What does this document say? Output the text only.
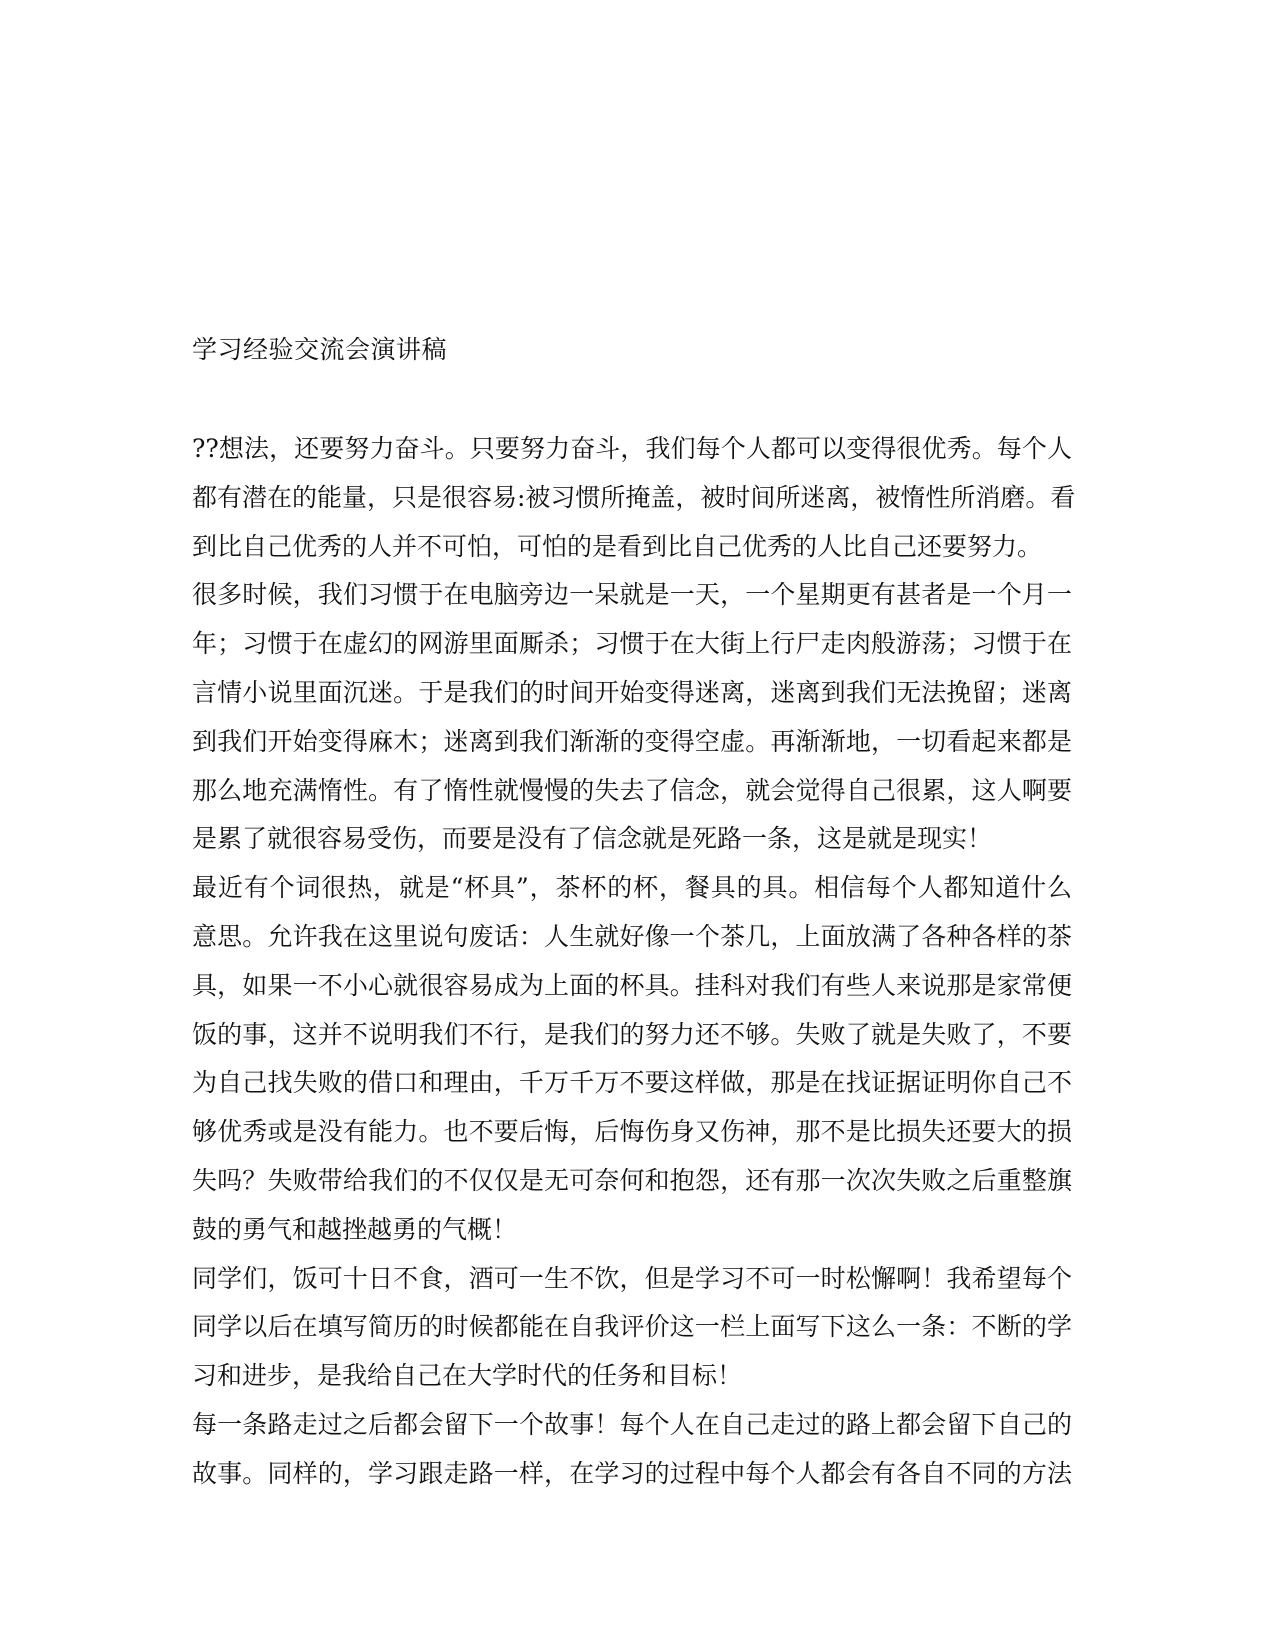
学习经验交流会演讲稿
??想法，还要努力奋斗。只要努力奋斗，我们每个人都可以变得很优秀。每个人
都有潜在的能量，只是很容易:被习惯所掩盖，被时间所迷离，被惰性所消磨。看
到比自己优秀的人并不可怕，可怕的是看到比自己优秀的人比自己还要努力。
很多时候，我们习惯于在电脑旁边一呆就是一天，一个星期更有甚者是一个月一
年；习惯于在虚幻的网游里面厮杀；习惯于在大街上行尸走肉般游荡；习惯于在
言情小说里面沉迷。于是我们的时间开始变得迷离，迷离到我们无法挽留；迷离
到我们开始变得麻木；迷离到我们渐渐的变得空虚。再渐渐地，一切看起来都是
那么地充满惰性。有了惰性就慢慢的失去了信念，就会觉得自己很累，这人啊要
是累了就很容易受伤，而要是没有了信念就是死路一条，这是就是现实！
最近有个词很热，就是“杯具”，茶杯的杯，餐具的具。相信每个人都知道什么
意思。允许我在这里说句废话：人生就好像一个茶几，上面放满了各种各样的茶
具，如果一不小心就很容易成为上面的杯具。挂科对我们有些人来说那是家常便
饭的事，这并不说明我们不行，是我们的努力还不够。失败了就是失败了，不要
为自己找失败的借口和理由，千万千万不要这样做，那是在找证据证明你自己不
够优秀或是没有能力。也不要后悔，后悔伤身又伤神，那不是比损失还要大的损
失吗？失败带给我们的不仅仅是无可奈何和抱怨，还有那一次次失败之后重整旗
鼓的勇气和越挫越勇的气概！
同学们，饭可十日不食，酒可一生不饮，但是学习不可一时松懈啊！我希望每个
同学以后在填写简历的时候都能在自我评价这一栏上面写下这么一条：不断的学
习和进步，是我给自己在大学时代的任务和目标！
每一条路走过之后都会留下一个故事！每个人在自己走过的路上都会留下自己的
故事。同样的，学习跟走路一样，在学习的过程中每个人都会有各自不同的方法
